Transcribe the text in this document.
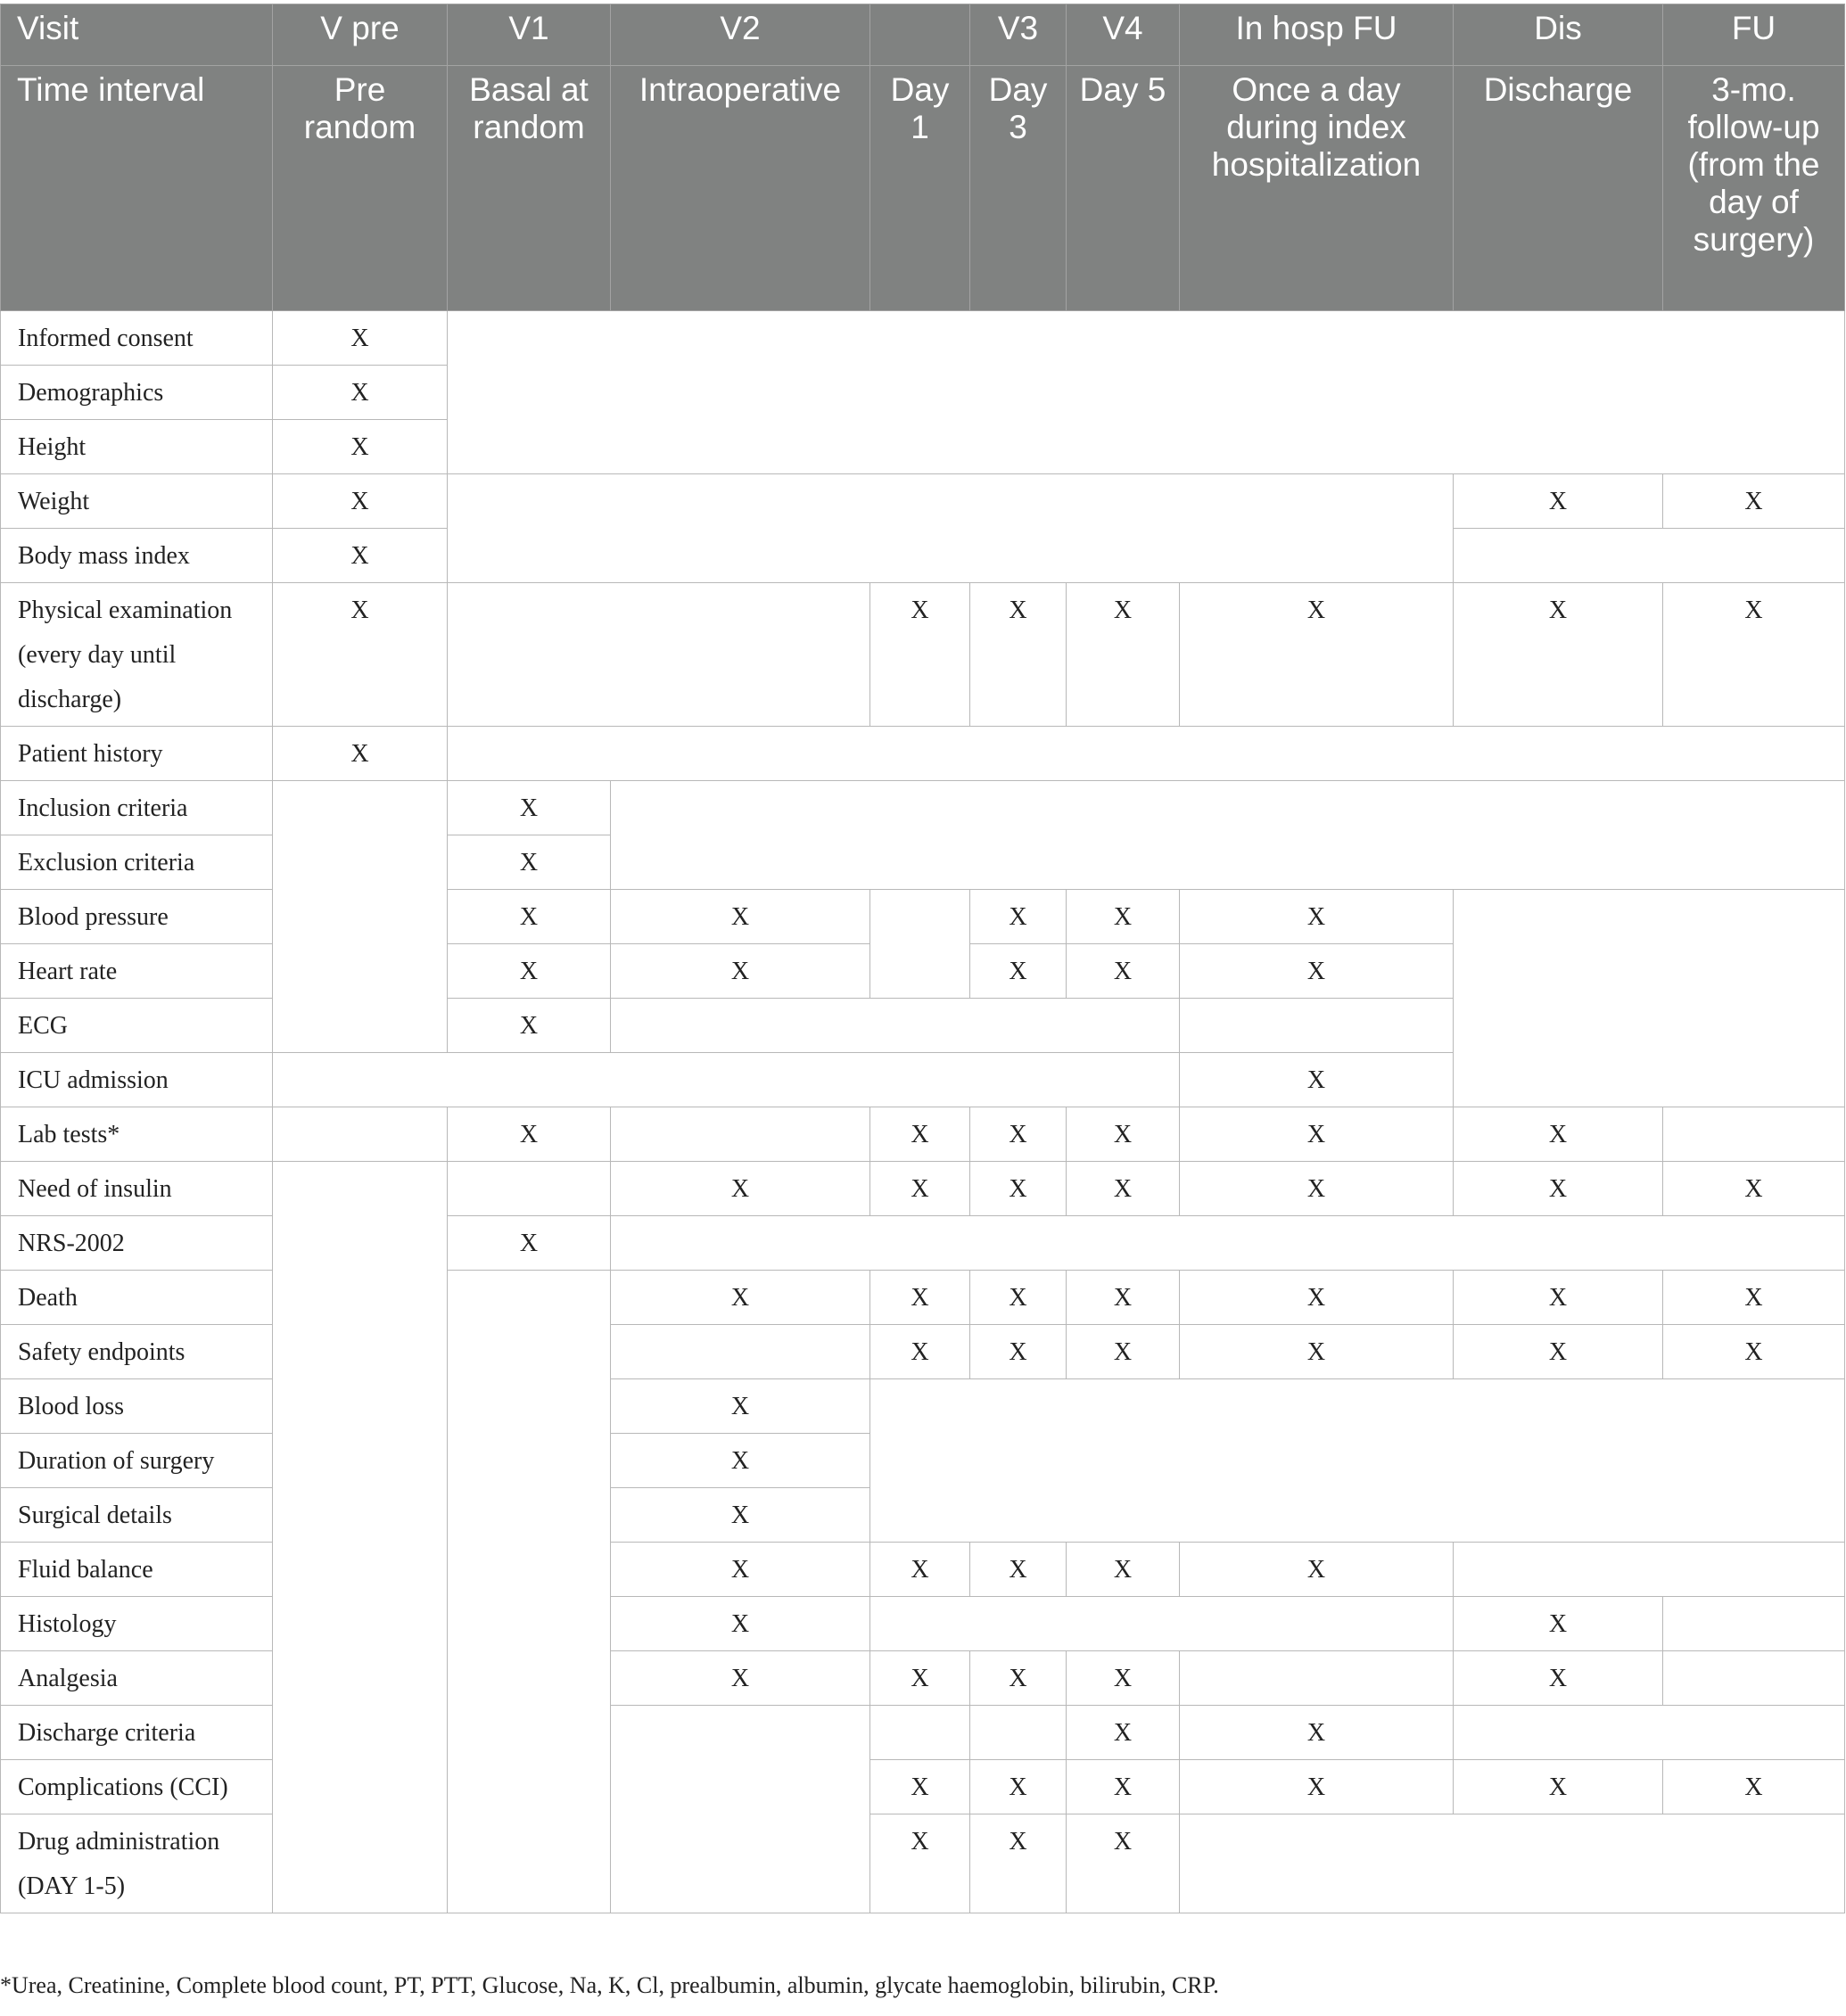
Visit	V pre	V1	V2		V3	V4	In hosp FU	Dis	FU
Time interval	Pre random	Basal at random	Intraoperative	Day 1	Day 3	Day 5	Once a day during index hospitalization	Discharge	3-mo. follow-up (from the day of surgery)
Informed consent	X								
Demographics	X								
Height	X								
Weight	X							X	X
Body mass index	X								
Physical examination (every day until discharge)	X			X	X	X	X	X	X
Patient history	X								
Inclusion criteria		X							
Exclusion criteria		X							
Blood pressure		X	X		X	X	X		
Heart rate		X	X		X	X	X		
ECG		X							
ICU admission							X		
Lab tests*		X		X	X	X	X	X	
Need of insulin			X	X	X	X	X	X	X
NRS-2002		X							
Death			X	X	X	X	X	X	X
Safety endpoints				X	X	X	X	X	X
Blood loss			X						
Duration of surgery			X						
Surgical details			X						
Fluid balance			X	X	X	X	X		
Histology			X					X	
Analgesia			X	X	X	X		X	
Discharge criteria						X	X		
Complications (CCI)				X	X	X	X	X	X
Drug administration (DAY 1-5)				X	X	X			
*Urea, Creatinine, Complete blood count, PT, PTT, Glucose, Na, K, Cl, prealbumin, albumin, glycate haemoglobin, bilirubin, CRP.
